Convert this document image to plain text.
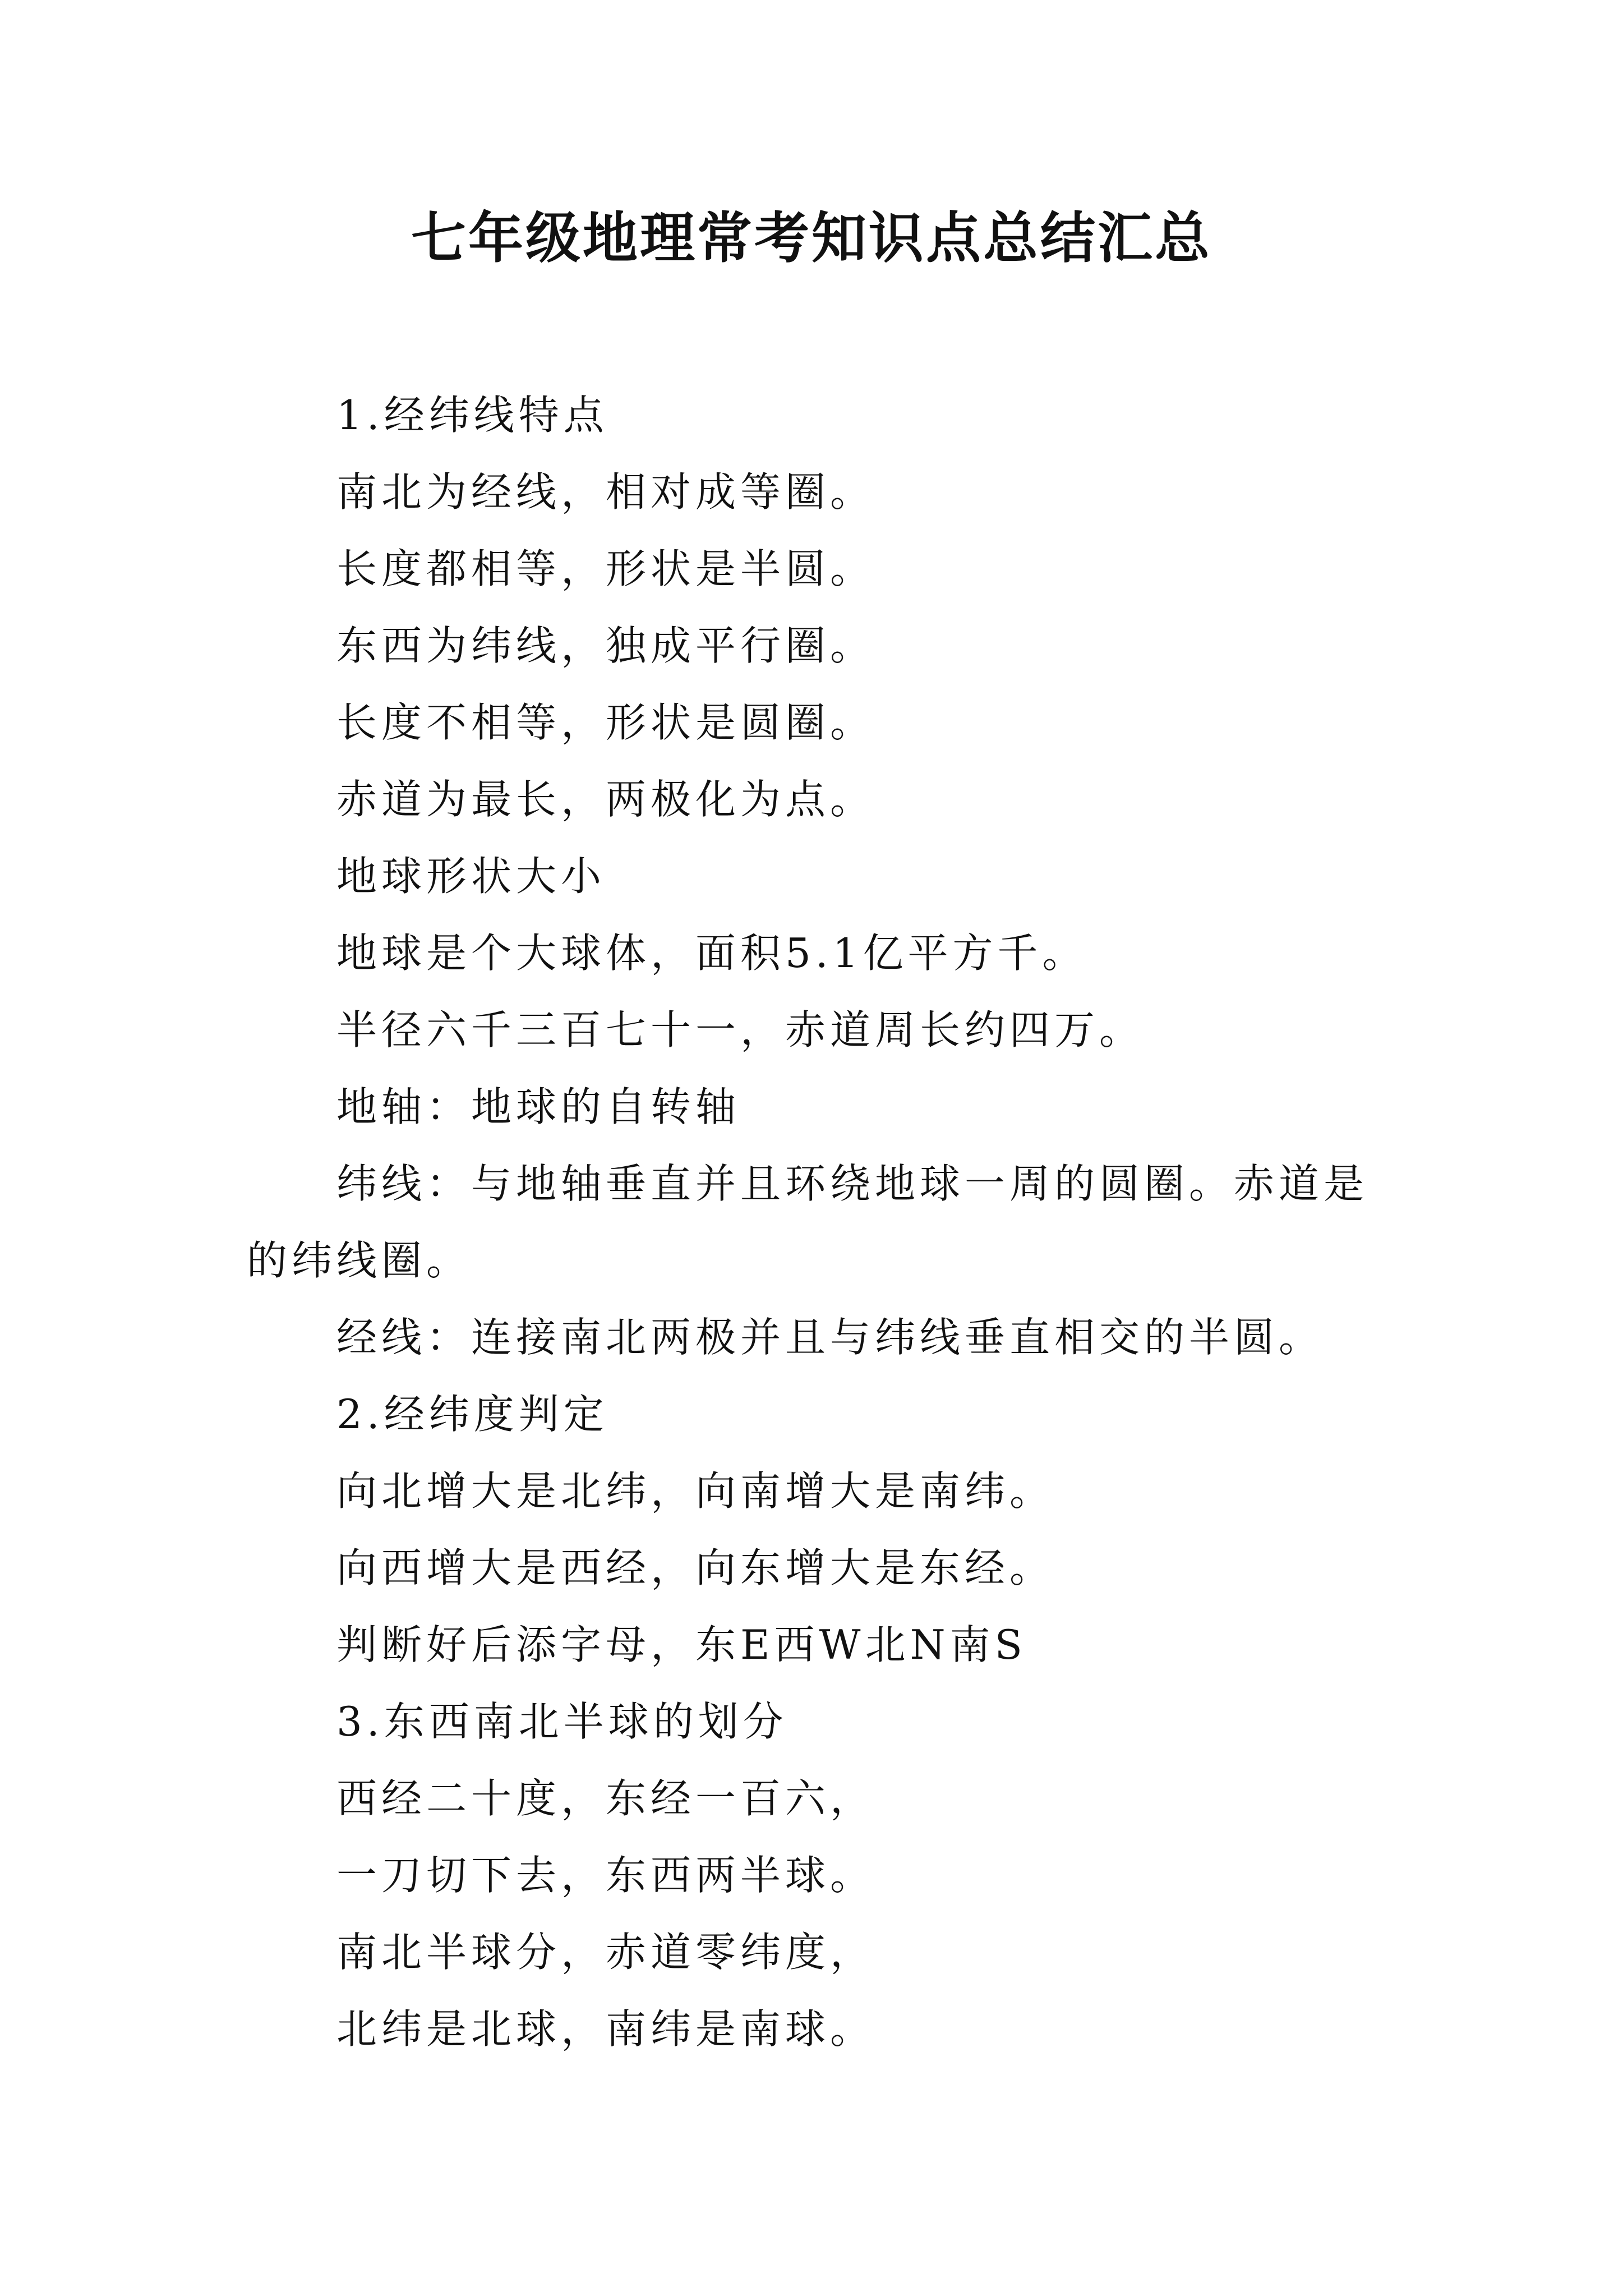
七年级地理常考知识点总结汇总

1.经纬线特点

南北为经线，相对成等圈。

长度都相等，形状是半圆。

东西为纬线，独成平行圈。

长度不相等，形状是圆圈。

赤道为最长，两极化为点。

地球形状大小

地球是个大球体，面积5.1亿平方千。

半径六千三百七十一，赤道周长约四万。

地轴：地球的自转轴

纬线：与地轴垂直并且环绕地球一周的圆圈。赤道是的纬线圈。

经线：连接南北两极并且与纬线垂直相交的半圆。

2.经纬度判定

向北增大是北纬，向南增大是南纬。

向西增大是西经，向东增大是东经。

判断好后添字母，东E西W北N南S

3.东西南北半球的划分

西经二十度，东经一百六，

一刀切下去，东西两半球。

南北半球分，赤道零纬度，

北纬是北球，南纬是南球。
